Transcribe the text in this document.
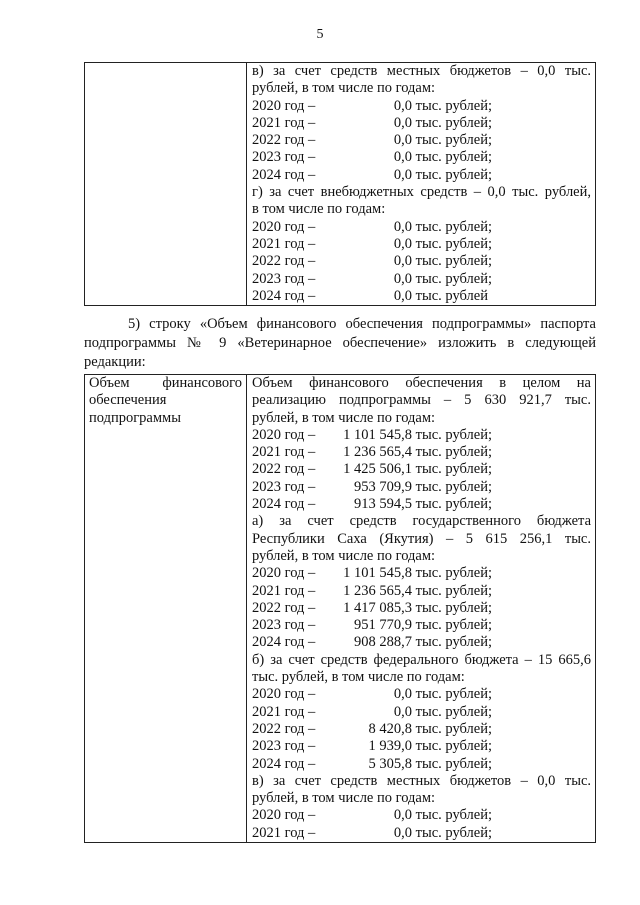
5

в) за счет средств местных бюджетов – 0,0 тыс.
рублей, в том числе по годам:
2020 год –	0,0 тыс. рублей;
2021 год –	0,0 тыс. рублей;
2022 год –	0,0 тыс. рублей;
2023 год –	0,0 тыс. рублей;
2024 год –	0,0 тыс. рублей;
г) за счет внебюджетных средств – 0,0 тыс. рублей,
в том числе по годам:
2020 год –	0,0 тыс. рублей;
2021 год –	0,0 тыс. рублей;
2022 год –	0,0 тыс. рублей;
2023 год –	0,0 тыс. рублей;
2024 год –	0,0 тыс. рублей
5) строку «Объем финансового обеспечения подпрограммы» паспорта
подпрограммы № 9 «Ветеринарное обеспечение» изложить в следующей
редакции:
Объем финансового
обеспечения
подпрограммы

Объем финансового обеспечения в целом на
реализацию подпрограммы – 5 630 921,7 тыс.
рублей, в том числе по годам:
2020 год – 1 101 545,8 тыс. рублей;
2021 год – 1 236 565,4 тыс. рублей;
2022 год – 1 425 506,1 тыс. рублей;
2023 год –	953 709,9 тыс. рублей;
2024 год –	913 594,5 тыс. рублей;
а) за счет средств государственного бюджета
Республики Саха (Якутия) – 5 615 256,1 тыс.
рублей, в том числе по годам:
2020 год – 1 101 545,8 тыс. рублей;
2021 год – 1 236 565,4 тыс. рублей;
2022 год – 1 417 085,3 тыс. рублей;
2023 год –	951 770,9 тыс. рублей;
2024 год –	908 288,7 тыс. рублей;
б) за счет средств федерального бюджета – 15 665,6
тыс. рублей, в том числе по годам:
2020 год –	0,0 тыс. рублей;
2021 год –	0,0 тыс. рублей;
2022 год –	8 420,8 тыс. рублей;
2023 год –	1 939,0 тыс. рублей;
2024 год –	5 305,8 тыс. рублей;
в) за счет средств местных бюджетов – 0,0 тыс.
рублей, в том числе по годам:
2020 год –	0,0 тыс. рублей;
2021 год –	0,0 тыс. рублей;
